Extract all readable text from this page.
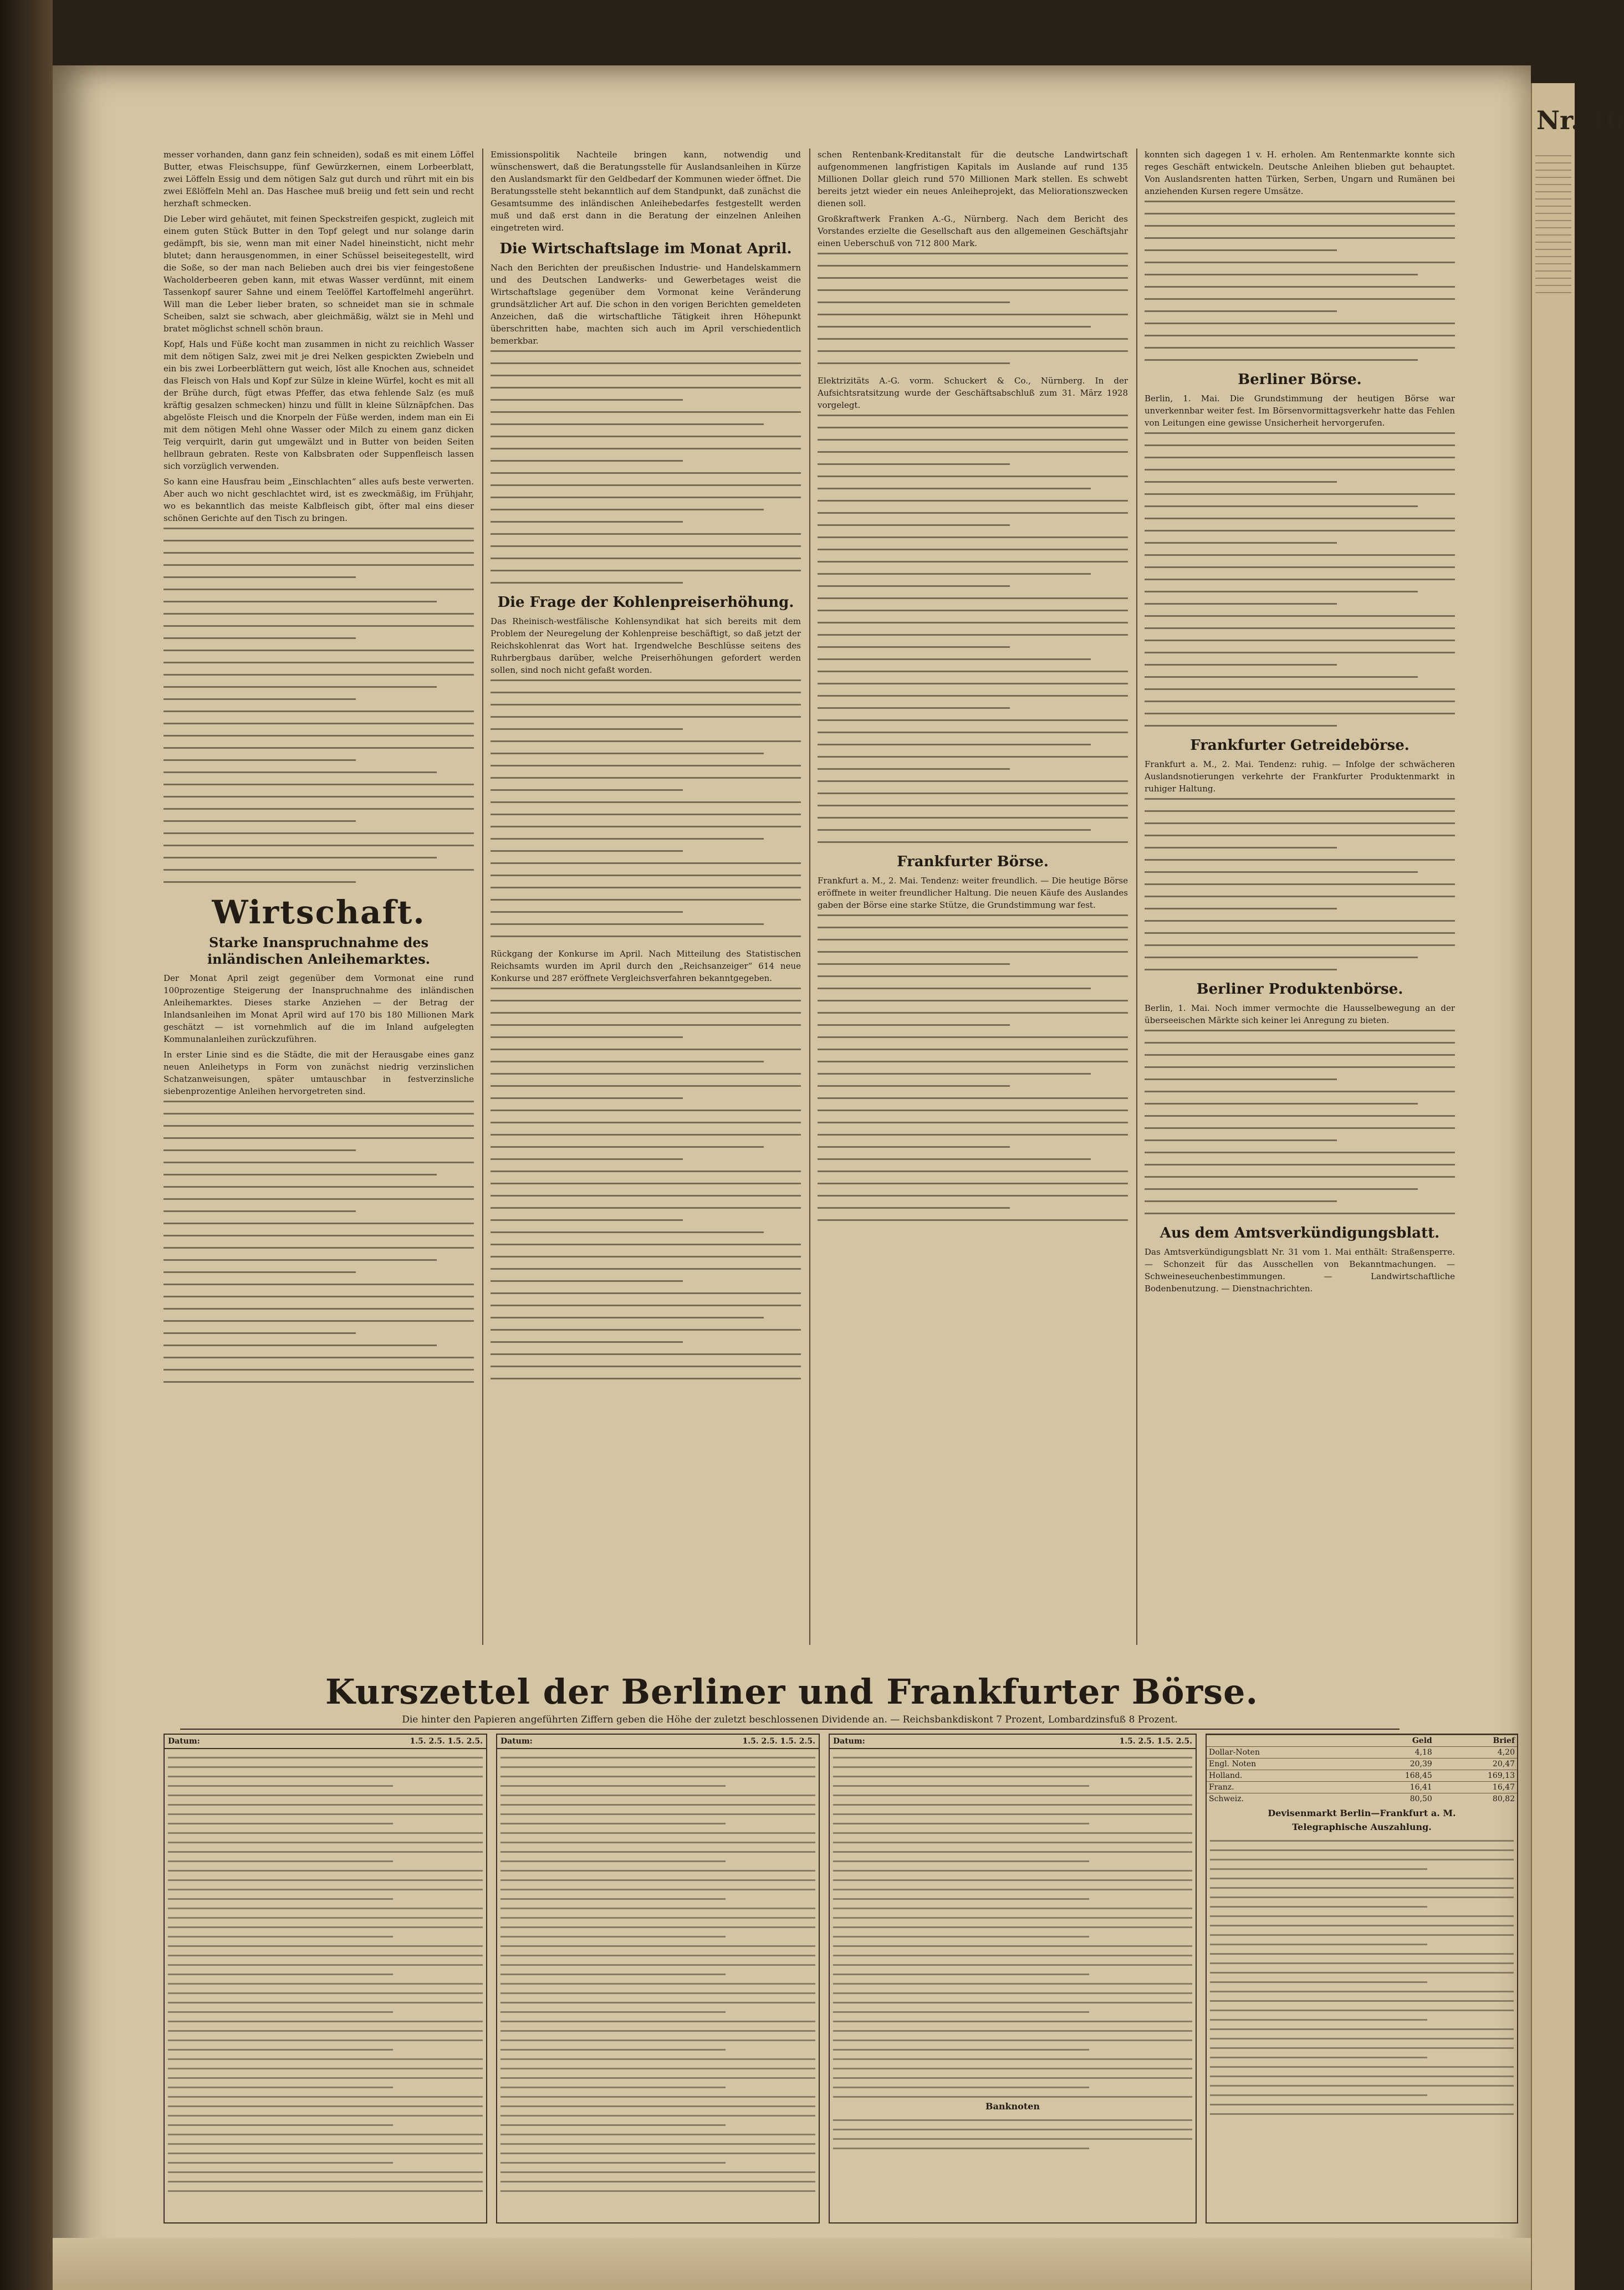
Nr. 10

messer vorhanden, dann ganz fein schneiden), sodaß es mit einem Löffel Butter, etwas Fleischsuppe, fünf Gewürzkernen, einem Lorbeerblatt, zwei Löffeln Essig und dem nötigen Salz gut durch und rührt mit ein bis zwei Eßlöffeln Mehl an. Das Haschee muß breiig und fett sein und recht herzhaft schmecken.

Die Leber wird gehäutet, mit feinen Speckstreifen gespickt, zugleich mit einem guten Stück Butter in den Topf gelegt und nur solange darin gedämpft, bis sie, wenn man mit einer Nadel hineinsticht, nicht mehr blutet; dann herausgenommen, in einer Schüssel beiseitegestellt, wird die Soße, so der man nach Belieben auch drei bis vier feingestoßene Wacholderbeeren geben kann, mit etwas Wasser verdünnt, mit einem Tassenkopf saurer Sahne und einem Teelöffel Kartoffelmehl angerührt. Will man die Leber lieber braten, so schneidet man sie in schmale Scheiben, salzt sie schwach, aber gleichmäßig, wälzt sie in Mehl und bratet möglichst schnell schön braun.

Kopf, Hals und Füße kocht man zusammen in nicht zu reichlich Wasser mit dem nötigen Salz, zwei mit je drei Nelken gespickten Zwiebeln und ein bis zwei Lorbeerblättern gut weich, löst alle Knochen aus, schneidet das Fleisch von Hals und Kopf zur Sülze in kleine Würfel, kocht es mit all der Brühe durch, fügt etwas Pfeffer, das etwa fehlende Salz (es muß kräftig gesalzen schmecken) hinzu und füllt in kleine Sülznäpfchen. Das abgelöste Fleisch und die Knorpeln der Füße werden, indem man ein Ei mit dem nötigen Mehl ohne Wasser oder Milch zu einem ganz dicken Teig verquirlt, darin gut umgewälzt und in Butter von beiden Seiten hellbraun gebraten. Reste von Kalbsbraten oder Suppenfleisch lassen sich vorzüglich verwenden.

So kann eine Hausfrau beim „Einschlachten“ alles aufs beste verwerten. Aber auch wo nicht geschlachtet wird, ist es zweckmäßig, im Frühjahr, wo es bekanntlich das meiste Kalbfleisch gibt, öfter mal eins dieser schönen Gerichte auf den Tisch zu bringen.

Wirtschaft.
Starke Inanspruchnahme des inländischen Anleihemarktes.

Der Monat April zeigt gegenüber dem Vormonat eine rund 100prozentige Steigerung der Inanspruchnahme des inländischen Anleihemarktes. Dieses starke Anziehen — der Betrag der Inlandsanleihen im Monat April wird auf 170 bis 180 Millionen Mark geschätzt — ist vornehmlich auf die im Inland aufgelegten Kommunalanleihen zurückzuführen.

In erster Linie sind es die Städte, die mit der Herausgabe eines ganz neuen Anleihetyps in Form von zunächst niedrig verzinslichen Schatzanweisungen, später umtauschbar in festverzinsliche siebenprozentige Anleihen hervorgetreten sind.

Emissionspolitik Nachteile bringen kann, notwendig und wünschenswert, daß die Beratungsstelle für Auslandsanleihen in Kürze den Auslandsmarkt für den Geldbedarf der Kommunen wieder öffnet. Die Beratungsstelle steht bekanntlich auf dem Standpunkt, daß zunächst die Gesamtsumme des inländischen Anleihebedarfes festgestellt werden muß und daß erst dann in die Beratung der einzelnen Anleihen eingetreten wird.

Die Wirtschaftslage im Monat April.

Nach den Berichten der preußischen Industrie- und Handelskammern und des Deutschen Landwerks- und Gewerbetages weist die Wirtschaftslage gegenüber dem Vormonat keine Veränderung grundsätzlicher Art auf. Die schon in den vorigen Berichten gemeldeten Anzeichen, daß die wirtschaftliche Tätigkeit ihren Höhepunkt überschritten habe, machten sich auch im April verschiedentlich bemerkbar.

Die Frage der Kohlenpreiserhöhung.

Das Rheinisch-westfälische Kohlensyndikat hat sich bereits mit dem Problem der Neuregelung der Kohlenpreise beschäftigt, so daß jetzt der Reichskohlenrat das Wort hat. Irgendwelche Beschlüsse seitens des Ruhrbergbaus darüber, welche Preiserhöhungen gefordert werden sollen, sind noch nicht gefaßt worden.

Rückgang der Konkurse im April. Nach Mitteilung des Statistischen Reichsamts wurden im April durch den „Reichsanzeiger“ 614 neue Konkurse und 287 eröffnete Vergleichsverfahren bekanntgegeben.

schen Rentenbank-Kreditanstalt für die deutsche Landwirtschaft aufgenommenen langfristigen Kapitals im Auslande auf rund 135 Millionen Dollar gleich rund 570 Millionen Mark stellen. Es schwebt bereits jetzt wieder ein neues Anleiheprojekt, das Meliorationszwecken dienen soll.

Großkraftwerk Franken A.-G., Nürnberg. Nach dem Bericht des Vorstandes erzielte die Gesellschaft aus den allgemeinen Geschäftsjahr einen Ueberschuß von 712 800 Mark.

Elektrizitäts A.-G. vorm. Schuckert & Co., Nürnberg. In der Aufsichtsratsitzung wurde der Geschäftsabschluß zum 31. März 1928 vorgelegt.

Frankfurter Börse.

Frankfurt a. M., 2. Mai. Tendenz: weiter freundlich. — Die heutige Börse eröffnete in weiter freundlicher Haltung. Die neuen Käufe des Auslandes gaben der Börse eine starke Stütze, die Grundstimmung war fest.

konnten sich dagegen 1 v. H. erholen. Am Rentenmarkte konnte sich reges Geschäft entwickeln. Deutsche Anleihen blieben gut behauptet. Von Auslandsrenten hatten Türken, Serben, Ungarn und Rumänen bei anziehenden Kursen regere Umsätze.

Berliner Börse.

Berlin, 1. Mai. Die Grundstimmung der heutigen Börse war unverkennbar weiter fest. Im Börsenvormittagsverkehr hatte das Fehlen von Leitungen eine gewisse Unsicherheit hervorgerufen.

Frankfurter Getreidebörse.

Frankfurt a. M., 2. Mai. Tendenz: ruhig. — Infolge der schwächeren Auslandsnotierungen verkehrte der Frankfurter Produktenmarkt in ruhiger Haltung.

Berliner Produktenbörse.

Berlin, 1. Mai. Noch immer vermochte die Hausselbewegung an der überseeischen Märkte sich keiner lei Anregung zu bieten.

Aus dem Amtsverkündigungsblatt.

Das Amtsverkündigungsblatt Nr. 31 vom 1. Mai enthält: Straßensperre. — Schonzeit für das Ausschellen von Bekanntmachungen. — Schweineseuchenbestimmungen. — Landwirtschaftliche Bodenbenutzung. — Dienstnachrichten.

Kurszettel der Berliner und Frankfurter Börse.
Die hinter den Papieren angeführten Ziffern geben die Höhe der zuletzt beschlossenen Dividende an. — Reichsbankdiskont 7 Prozent, Lombardzinsfuß 8 Prozent.
Datum:	1.5. 2.5. 1.5. 2.5. Datum:	1.5. 2.5. 1.5. 2.5. Datum:	1.5. 2.5. 1.5. 2.5.
Banknoten
	Geld	Brief
Dollar-Noten	4,18	4,20
Engl. Noten	20,39	20,47
Holland.	168,45	169,13
Franz.	16,41	16,47
Schweiz.	80,50	80,82
Devisenmarkt Berlin—Frankfurt a. M.
Telegraphische Auszahlung.
